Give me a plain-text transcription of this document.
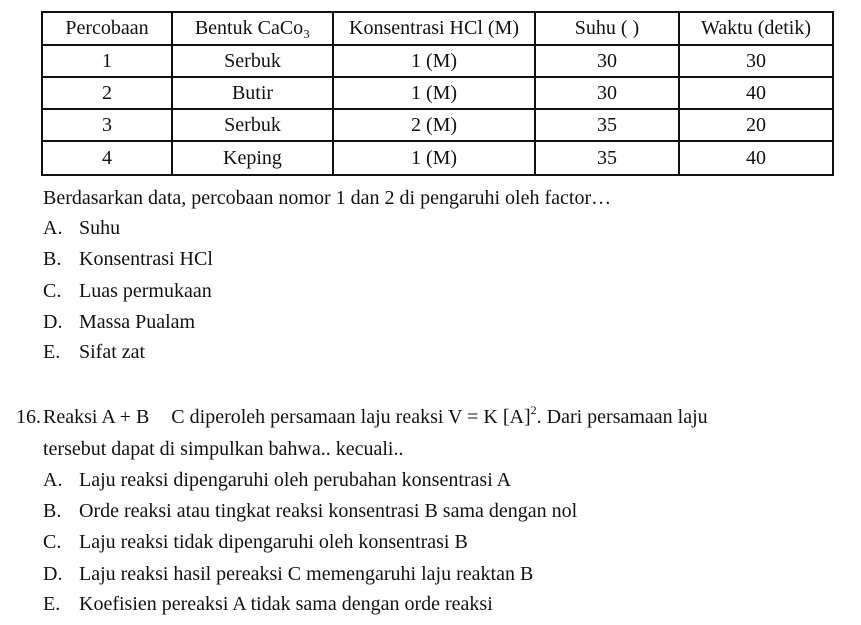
Percobaan	Bentuk CaCo₃	Konsentrasi HCl (M)	Suhu ( )	Waktu (detik)
1	Serbuk	1 (M)	30	30
2	Butir	1 (M)	30	40
3	Serbuk	2 (M)	35	20
4	Keping	1 (M)	35	40
Berdasarkan data, percobaan nomor 1 dan 2 di pengaruhi oleh factor…
A. Suhu
B. Konsentrasi HCl
C. Luas permukaan
D. Massa Pualam
E. Sifat zat
16. Reaksi A + B C diperoleh persamaan laju reaksi V = K $[A]^2$. Dari persamaan laju
tersebut dapat di simpulkan bahwa.. kecuali..
A. Laju reaksi dipengaruhi oleh perubahan konsentrasi A
B. Orde reaksi atau tingkat reaksi konsentrasi B sama dengan nol
C. Laju reaksi tidak dipengaruhi oleh konsentrasi B
D. Laju reaksi hasil pereaksi C memengaruhi laju reaktan B
E. Koefisien pereaksi A tidak sama dengan orde reaksi
